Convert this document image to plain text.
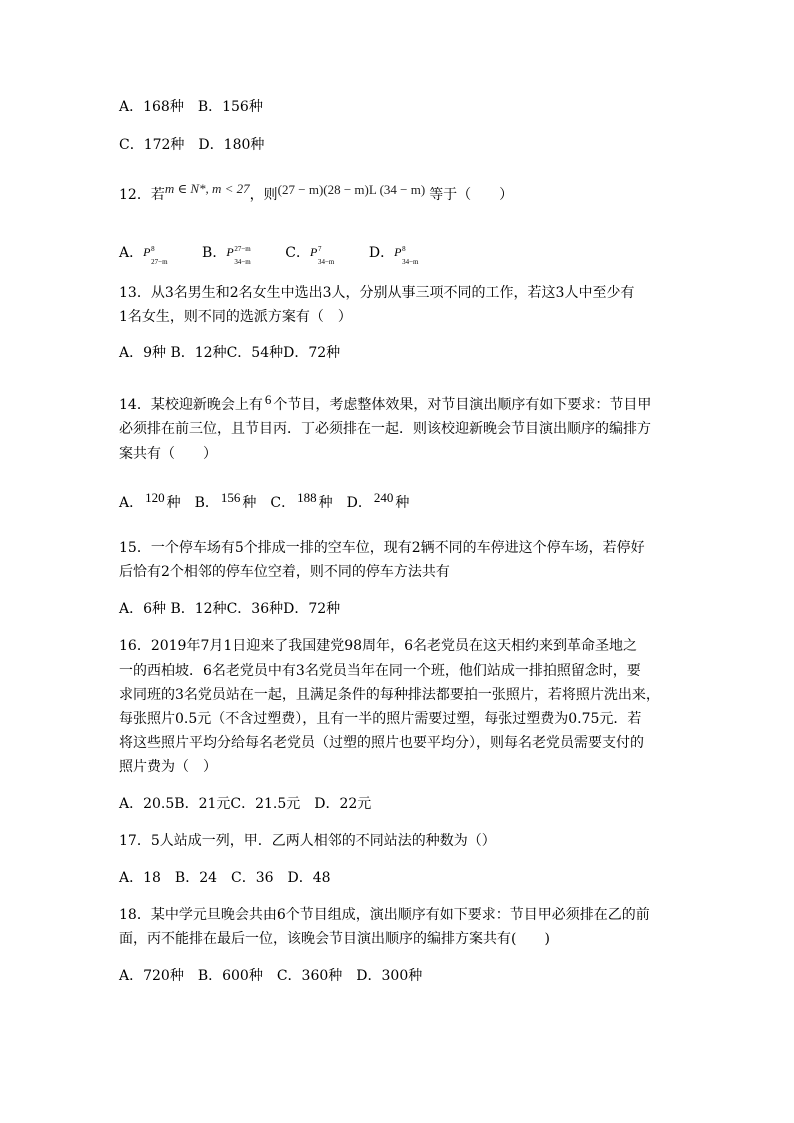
A．168种　B．156种
C．172种　D．180种
12．若m ∈ N*, m < 27，则(27 − m)(28 − m)L (34 − m) 等于（　　）
A． P 8
27−m
B． P 27−m
34−m
C． P 7
34−m
D． P 8
34−m
13．从3名男生和2名女生中选出3人，分别从事三项不同的工作，若这3人中至少有
1名女生，则不同的选派方案有（　）
A．9种 B．12种C．54种D．72种
14．某校迎新晚会上有 6 个节目，考虑整体效果，对节目演出顺序有如下要求：节目甲
必须排在前三位，且节目丙．丁必须排在一起．则该校迎新晚会节目演出顺序的编排方
案共有（　　）
A． 120 种　B． 156 种　C． 188 种　D． 240 种
15．一个停车场有5个排成一排的空车位，现有2辆不同的车停进这个停车场，若停好
后恰有2个相邻的停车位空着，则不同的停车方法共有
A．6种 B．12种C．36种D．72种
16．2019年7月1日迎来了我国建党98周年，6名老党员在这天相约来到革命圣地之
一的西柏坡．6名老党员中有3名党员当年在同一个班，他们站成一排拍照留念时，要
求同班的3名党员站在一起，且满足条件的每种排法都要拍一张照片，若将照片洗出来，
每张照片0.5元（不含过塑费），且有一半的照片需要过塑，每张过塑费为0.75元．若
将这些照片平均分给每名老党员（过塑的照片也要平均分），则每名老党员需要支付的
照片费为（　）
A．20.5B．21元C．21.5元　D．22元
17．5人站成一列，甲．乙两人相邻的不同站法的种数为（）
A．18　B．24　C．36　D．48
18．某中学元旦晚会共由6个节目组成，演出顺序有如下要求：节目甲必须排在乙的前
面，丙不能排在最后一位，该晚会节目演出顺序的编排方案共有(　　)
A．720种　B．600种　C．360种　D．300种
